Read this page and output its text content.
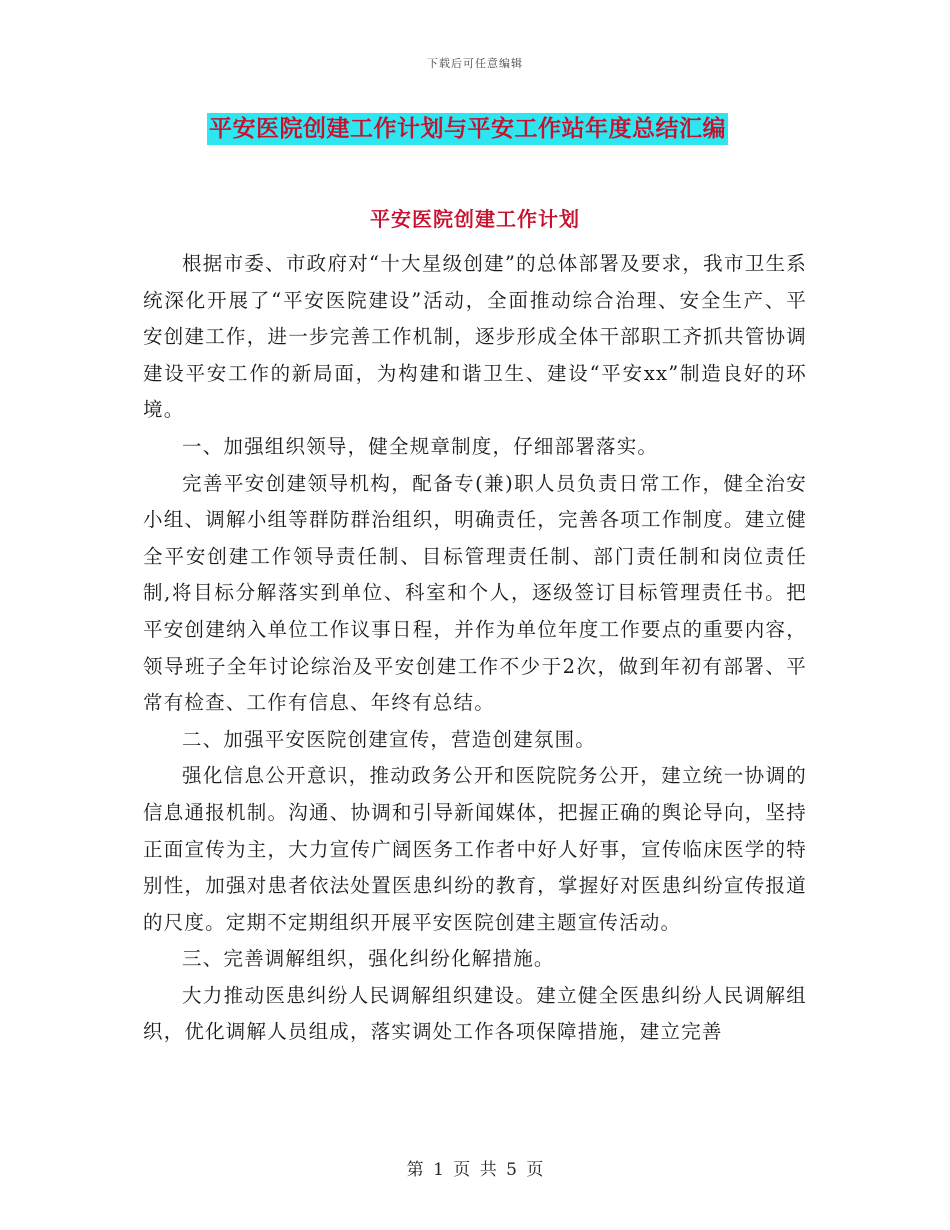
下载后可任意编辑
平安医院创建工作计划与平安工作站年度总结汇编
平安医院创建工作计划

根据市委、市政府对“十大星级创建”的总体部署及要求，我市卫生系统深化开展了“平安医院建设”活动，全面推动综合治理、安全生产、平安创建工作，进一步完善工作机制，逐步形成全体干部职工齐抓共管协调建设平安工作的新局面，为构建和谐卫生、建设“平安xx”制造良好的环境。

一、加强组织领导，健全规章制度，仔细部署落实。

完善平安创建领导机构，配备专(兼)职人员负责日常工作，健全治安小组、调解小组等群防群治组织，明确责任，完善各项工作制度。建立健全平安创建工作领导责任制、目标管理责任制、部门责任制和岗位责任制,将目标分解落实到单位、科室和个人，逐级签订目标管理责任书。把平安创建纳入单位工作议事日程，并作为单位年度工作要点的重要内容，领导班子全年讨论综治及平安创建工作不少于2次，做到年初有部署、平常有检查、工作有信息、年终有总结。

二、加强平安医院创建宣传，营造创建氛围。

强化信息公开意识，推动政务公开和医院院务公开，建立统一协调的信息通报机制。沟通、协调和引导新闻媒体，把握正确的舆论导向，坚持正面宣传为主，大力宣传广阔医务工作者中好人好事，宣传临床医学的特别性，加强对患者依法处置医患纠纷的教育，掌握好对医患纠纷宣传报道的尺度。定期不定期组织开展平安医院创建主题宣传活动。

三、完善调解组织，强化纠纷化解措施。

大力推动医患纠纷人民调解组织建设。建立健全医患纠纷人民调解组织，优化调解人员组成，落实调处工作各项保障措施，建立完善

第 1 页 共 5 页
